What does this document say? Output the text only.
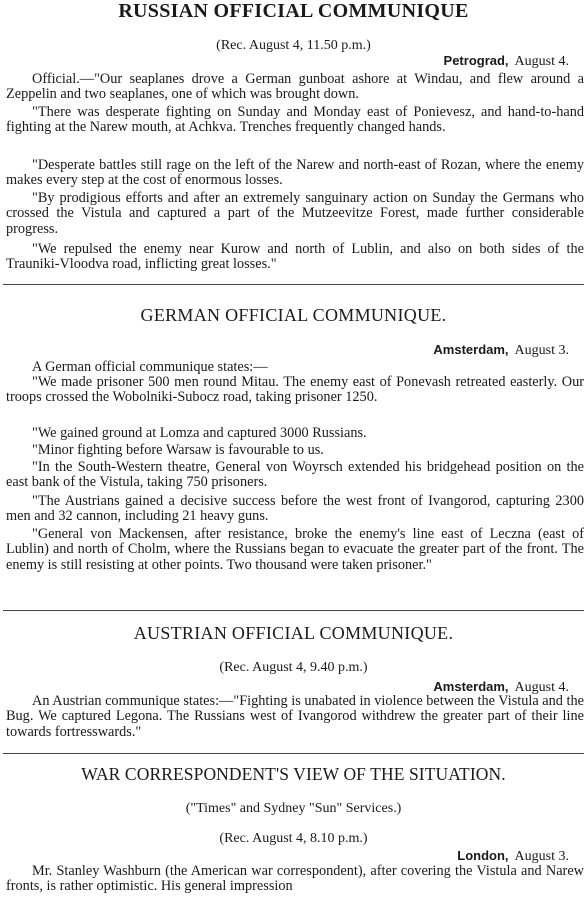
RUSSIAN OFFICIAL COMMUNIQUE
(Rec. August 4, 11.50 p.m.)
Petrograd, August 4.

Official.—"Our seaplanes drove a German gunboat ashore at Windau, and flew around a Zeppelin and two seaplanes, one of which was brought down.

"There was desperate fighting on Sunday and Monday east of Ponievesz, and hand-to-hand fighting at the Narew mouth, at Achkva. Trenches frequently changed hands.

"Desperate battles still rage on the left of the Narew and north-east of Rozan, where the enemy makes every step at the cost of enormous losses.

"By prodigious efforts and after an extremely sanguinary action on Sunday the Germans who crossed the Vistula and captured a part of the Mutzeevitze Forest, made further considerable progress.

"We repulsed the enemy near Kurow and north of Lublin, and also on both sides of the Trauniki-Vloodva road, inflicting great losses."

GERMAN OFFICIAL COMMUNIQUE.
Amsterdam, August 3.

A German official communique states:—

"We made prisoner 500 men round Mitau. The enemy east of Ponevash retreated easterly. Our troops crossed the Wobolniki-Subocz road, taking prisoner 1250.

"We gained ground at Lomza and captured 3000 Russians.

"Minor fighting before Warsaw is favourable to us.

"In the South-Western theatre, General von Woyrsch extended his bridgehead position on the east bank of the Vistula, taking 750 prisoners.

"The Austrians gained a decisive success before the west front of Ivangorod, capturing 2300 men and 32 cannon, including 21 heavy guns.

"General von Mackensen, after resistance, broke the enemy's line east of Leczna (east of Lublin) and north of Cholm, where the Russians began to evacuate the greater part of the front. The enemy is still resisting at other points. Two thousand were taken prisoner."

AUSTRIAN OFFICIAL COMMUNIQUE.
(Rec. August 4, 9.40 p.m.)
Amsterdam, August 4.

An Austrian communique states:—"Fighting is unabated in violence between the Vistula and the Bug. We captured Legona. The Russians west of Ivangorod withdrew the greater part of their line towards fortresswards."

WAR CORRESPONDENT'S VIEW OF THE SITUATION.
("Times" and Sydney "Sun" Services.)
(Rec. August 4, 8.10 p.m.)
London, August 3.

Mr. Stanley Washburn (the American war correspondent), after covering the Vistula and Narew fronts, is rather optimistic. His general impression
